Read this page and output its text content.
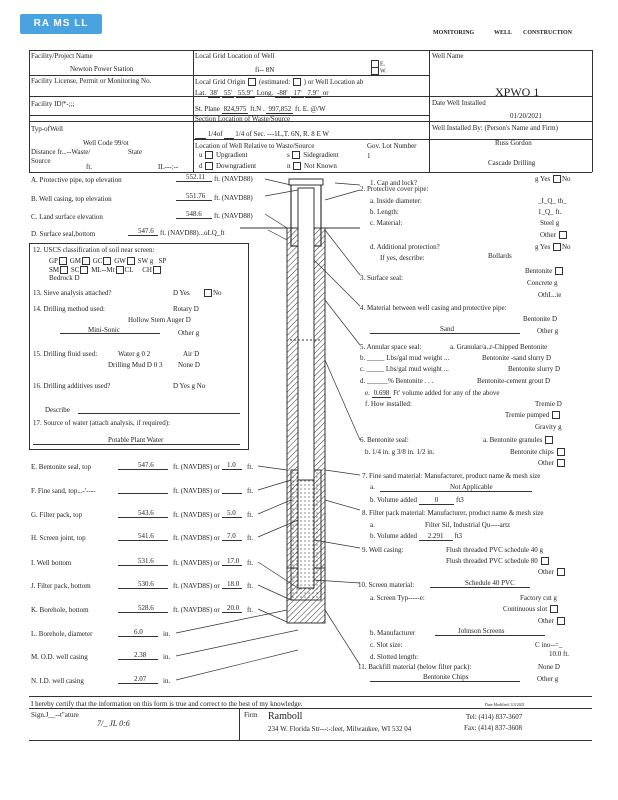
RA MS LL
MONITORING	WELL CONSTRUCTION
Facility/Project Name
Newton Power Station
Facility License, Permit or Monitoring No.
Facility ID|*-;;;
Typ-ofWell
Well Code 99/ot
Distance fr...--Waste/	State
Source
ft.	IL---:--
Local Grid Location of Well
fi-- 8N
E.
W.
Local Grid Origin (estimated: ) or Well Location ab
Lat. 38' 55' 55.9" Long. -88' 17' 7.9" or
St. Plane 824,975 ft.N . 997,852 ft. E. @/W
Section Location of Waste/Source
1/4of 1/4 of Sec. ---1L,T. 6N, R. 8 E W
Location of Well Relative to Waste/Source
u Upgradient	s Sidegradient
d Downgradient	n Not Known
Gov. Lot Number
1
Well Name
XPWO 1
Date Well Installed
01/20/2021
Well Installed By: (Person's Name and Firm)
Russ Gordon
Cascade Drilling
A. Protective pipe, top elevation	552.11 ft. (NAVD88)
B. Well casing, top elevation	551.76 ft. (NAVD88)
C. Land surface elevation	548.6 ft. (NAVD88)
D. Surface seal,bottom	547.6 ft. (NAVD88)...oLQ_ft
12. USCS classification of soil near screen:
GP GM GC GW SW g SP
SM SC ML--Mt CL CH
Bedrock D
13. Sieve analysis attached?	D Yes	No
14. Drilling method used:	Rotary D
Hollow Stem Auger D
Mini-Sonic	Other g
15. Drilling fluid used:	Water g 0 2	Air D
Drilling Mud D 0 3 None D
16. Drilling additives used?	D Yes g No
Describe
17. Source of water (attach analysis, if required):
Potable Plant Water
E. Bentonite seal, top	547.6	ft. (NAVD8S) or 1.0 ft.
F. Fine sand, top...-'----	ft. (NAVD8S) or	ft.
G. Filter pack, top	543.6	ft. (NAVD8S) or 5.0 ft.
H. Screen joint, top	541.6	ft. (NAVD8S) or 7.0 ft.
I. Well bottom	531.6	ft. (NAVD8S) or 17.0 ft.
J. Filter pack, bottom	530.6	ft. (NAVD8S) or 18.0 ft.
K. Borehole, bottom	528.6	ft. (NAVD8S) or 20.0 ft.
L. Borehole, diameter	6.0	in.
M. O.D. well casing	2.38 in.
N. I.D. well casing	2.07 in.
1. Cap and lock?	g Yes No
2. Protective cover pipe:
a. Inside diameter:	_I_Q_ th_
b. Length:	1_Q_ ft.
c. Material:	Steel g
Other
d. Additional protection?	g Yes No
If yes, describe:	Bollards
Bentonite
3. Surface seal:
Concrete g
OthL..ie
4. Material between well casing and protective pipe:
Bentonite D
Sand	Other g
5. Annular space seal:	a. Granular/a..r-Chipped Bentonite
b. _____ Lbs/gal mud weight ...	Bentonite -sand slurry D
c. _____ Lbs/gal mud weight ...	Bentonite slurry D
d. ______% Bentonite . . .	Bentonite-cement grout D
e. 0.698 Ft' volume added for any of the above
f. How installed:	Tremie D
Tremie pumped
Gravity g
6. Bentonite seal:	a. Bentonite granules
b. 1/4 in. g 3/8 in. 1/2 in.	Bentonite chips
Other
7. Fine sand material: Manufacturer, product name & mesh size
a.	Not Applicable
b. Volume added	0	ft3
8. Filter pack material: Manufacturer, product name & mesh size
a.	Filter Sil, Industrial Qu----artz
b. Volume added 2.291 ft3
9. Well casing:	Flush threaded PVC schedule 40 g
Flush threaded PVC schedule 80
Other
10. Screen material:	Schedule 40 PVC
a. Screen Typ-----e:	Factory cut g
Continuous slot
Other
b. Manufacturer	Johnson Screens
c. Slot size:	C ino--=_
d. Slotted length:	10.0 ft.
11. Backfill material (below filter pack):	None D
Bentonite Chips	Other g
I hereby certify that the information on this form is true and correct to the best of my knowledge.	Date Modified: 3/3/2021
Sign.J__--t"ature
7/_ JL 0:6
Firm Ramboll
234 W. Florida Str---:-:leet, Milwaukee, WI 532 04
Tel: (414) 837-3607
Fax: (414) 837-3608
